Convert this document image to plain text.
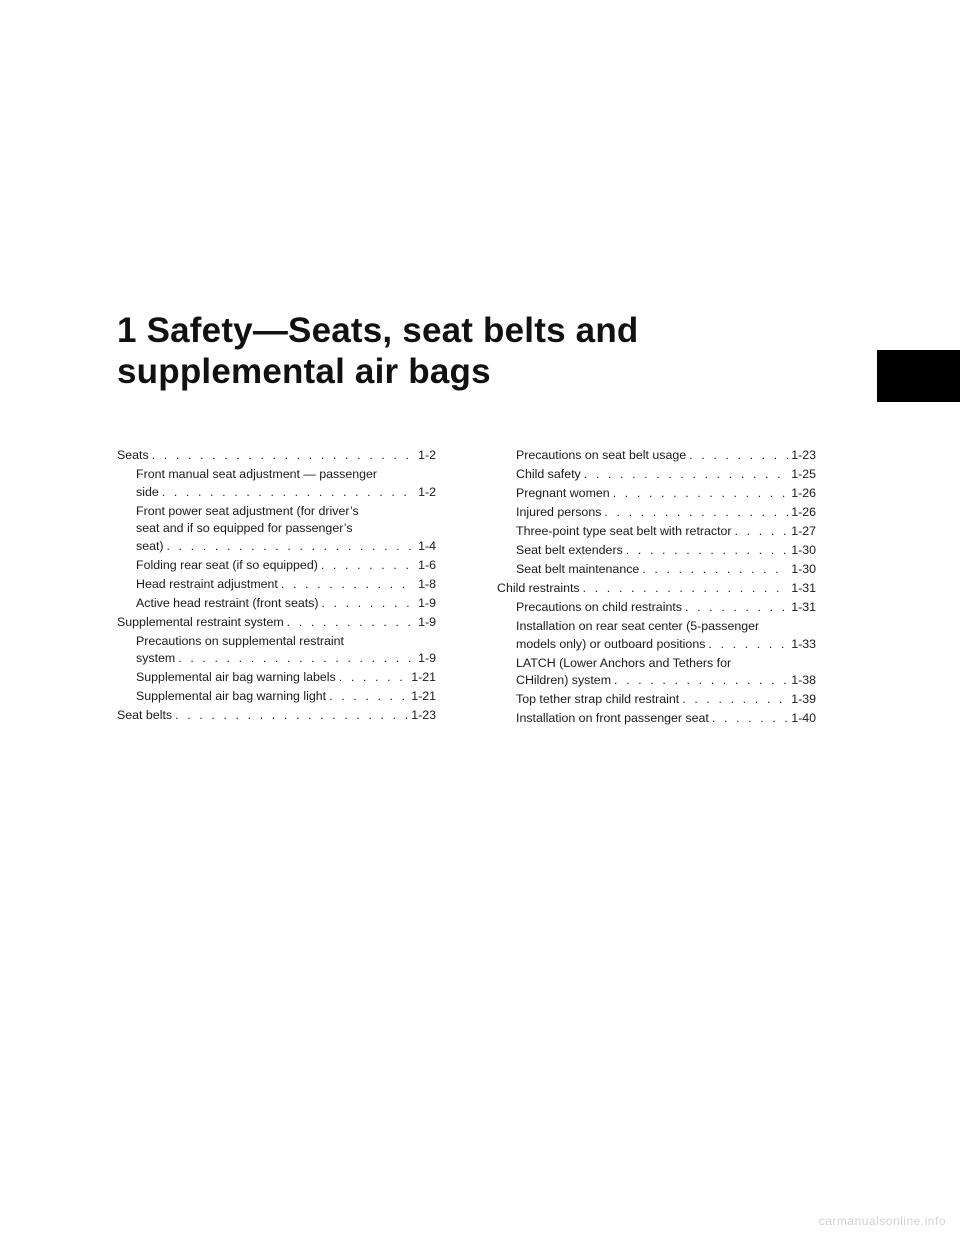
1 Safety—Seats, seat belts and
supplemental air bags
Seats . . .	1-2
Front manual seat adjustment — passenger
side . . .	1-2
Front power seat adjustment (for driver’s
seat and if so equipped for passenger’s
seat) . . .	1-4
Folding rear seat (if so equipped) . . .	1-6
Head restraint adjustment . . .	1-8
Active head restraint (front seats) . . .	1-9
Supplemental restraint system . . .	1-9
Precautions on supplemental restraint
system . . .	1-9
Supplemental air bag warning labels . . .	1-21
Supplemental air bag warning light . . .	1-21
Seat belts . . .	1-23
Precautions on seat belt usage . . .	1-23
Child safety . . .	1-25
Pregnant women . . .	1-26
Injured persons . . .	1-26
Three-point type seat belt with retractor . . .	1-27
Seat belt extenders . . .	1-30
Seat belt maintenance . . .	1-30
Child restraints . . .	1-31
Precautions on child restraints . . .	1-31
Installation on rear seat center (5-passenger
models only) or outboard positions . . .	1-33
LATCH (Lower Anchors and Tethers for
CHildren) system . . .	1-38
Top tether strap child restraint . . .	1-39
Installation on front passenger seat . . .	1-40
carmanualsonline.info
